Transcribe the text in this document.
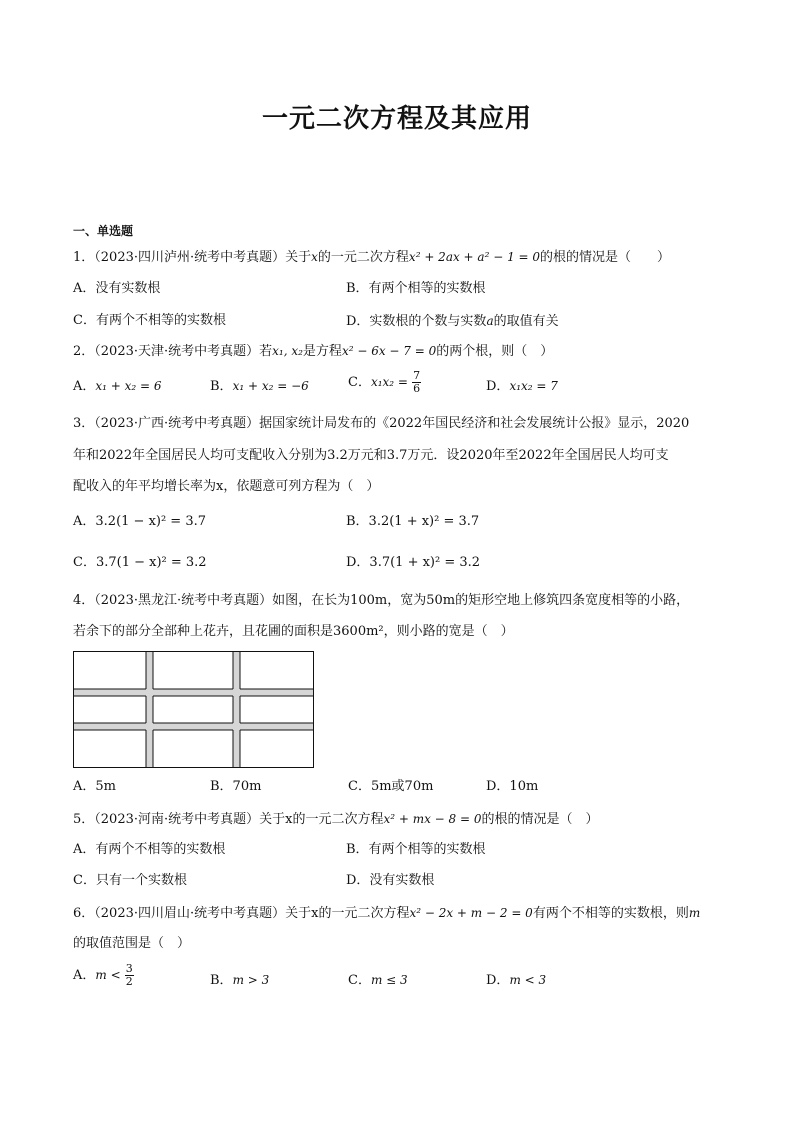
一元二次方程及其应用
一、单选题
1．（2023·四川泸州·统考中考真题）关于x的一元二次方程x² + 2ax + a² − 1 = 0的根的情况是（　　）
A．没有实数根	B．有两个相等的实数根
C．有两个不相等的实数根	D．实数根的个数与实数a的取值有关
2．（2023·天津·统考中考真题）若x₁, x₂是方程x² − 6x − 7 = 0的两个根，则（　）
A．x₁ + x₂ = 6	B．x₁ + x₂ = −6	C．$x_1x_2 = \frac{7}{6}$	D．x₁x₂ = 7
3．（2023·广西·统考中考真题）据国家统计局发布的《2022年国民经济和社会发展统计公报》显示，2020
年和2022年全国居民人均可支配收入分别为3.2万元和3.7万元．设2020年至2022年全国居民人均可支
配收入的年平均增长率为x，依题意可列方程为（　）
A．3.2(1 − x)² = 3.7	B．3.2(1 + x)² = 3.7
C．3.7(1 − x)² = 3.2	D．3.7(1 + x)² = 3.2
4．（2023·黑龙江·统考中考真题）如图，在长为100m，宽为50m的矩形空地上修筑四条宽度相等的小路，
若余下的部分全部种上花卉，且花圃的面积是3600m²，则小路的宽是（　）
A．5m	B．70m	C．5m或70m	D．10m
5．（2023·河南·统考中考真题）关于x的一元二次方程x² + mx − 8 = 0的根的情况是（　）
A．有两个不相等的实数根	B．有两个相等的实数根
C．只有一个实数根	D．没有实数根
6．（2023·四川眉山·统考中考真题）关于x的一元二次方程x² − 2x + m − 2 = 0有两个不相等的实数根，则m
的取值范围是（　）
A．$m < \frac{3}{2}$	B．m > 3	C．m ≤ 3	D．m < 3
